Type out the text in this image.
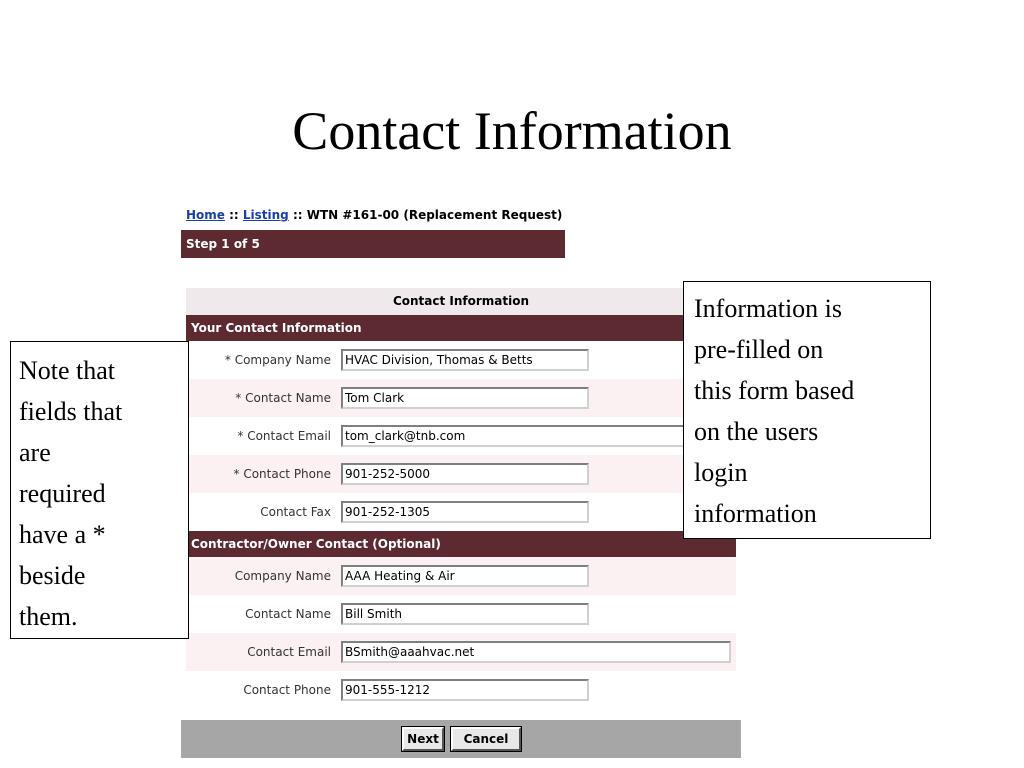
Contact Information
Home :: Listing :: WTN #161-00 (Replacement Request)
Step 1 of 5
Contact Information
Your Contact Information
* Company Name	HVAC Division, Thomas & Betts
* Contact Name	Tom Clark
* Contact Email	tom_clark@tnb.com
* Contact Phone	901-252-5000
Contact Fax	901-252-1305
Contractor/Owner Contact (Optional)
Company Name	AAA Heating & Air
Contact Name	Bill Smith
Contact Email	BSmith@aaahvac.net
Contact Phone	901-555-1212
Next	Cancel
Note that
fields that
are
required
have a *
beside
them.
Information is
pre-filled on
this form based
on the users
login
information
